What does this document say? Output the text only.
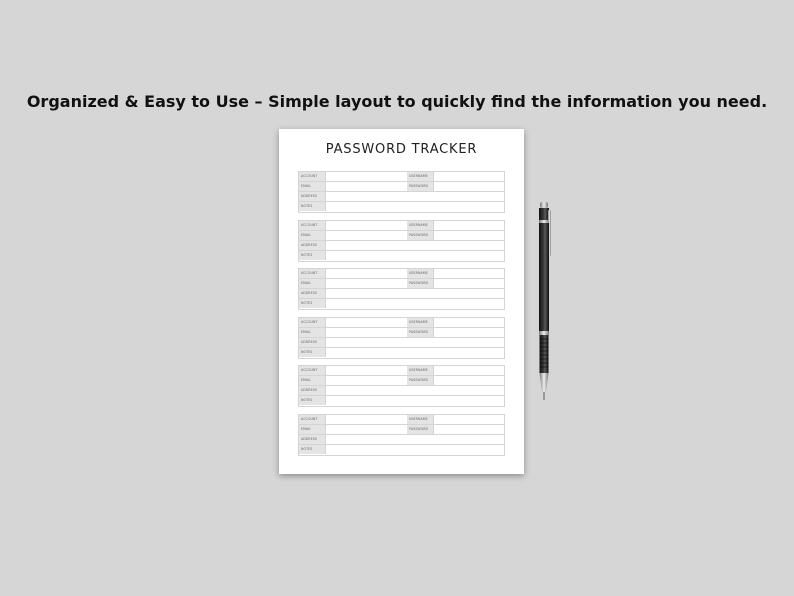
Organized & Easy to Use – Simple layout to quickly find the information you need.

PASSWORD TRACKER

ACCOUNT	USERNAME
EMAIL	PASSWORD
ADDRESS
NOTES
ACCOUNT	USERNAME
EMAIL	PASSWORD
ADDRESS
NOTES
ACCOUNT	USERNAME
EMAIL	PASSWORD
ADDRESS
NOTES
ACCOUNT	USERNAME
EMAIL	PASSWORD
ADDRESS
NOTES
ACCOUNT	USERNAME
EMAIL	PASSWORD
ADDRESS
NOTES
ACCOUNT	USERNAME
EMAIL	PASSWORD
ADDRESS
NOTES
